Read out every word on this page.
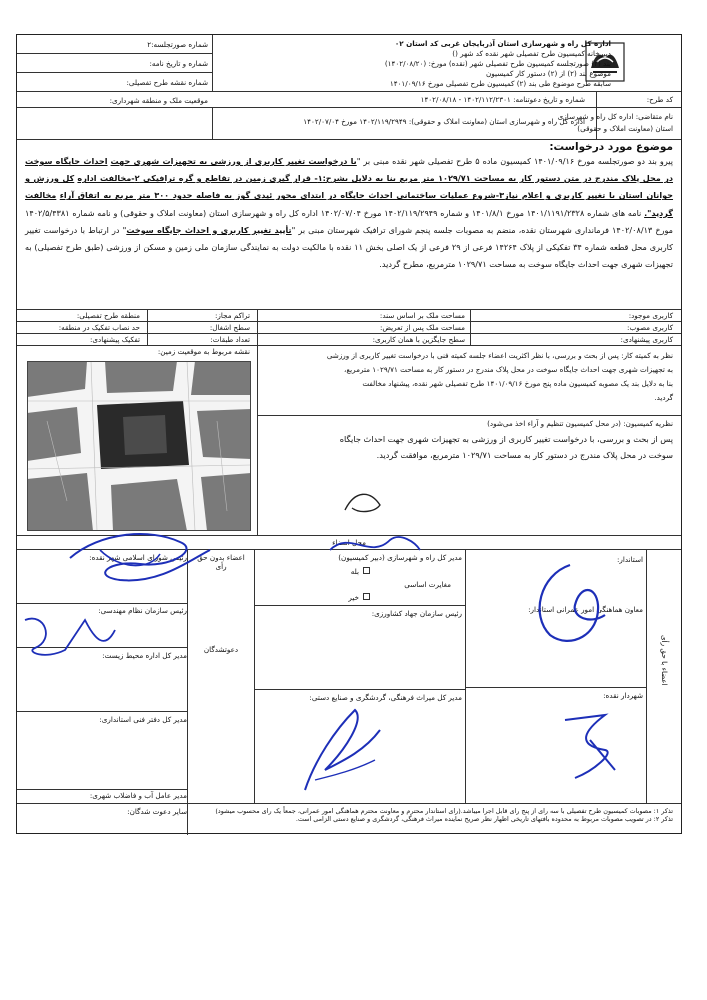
شماره صورتجلسه:۲
شماره و تاریخ نامه:
شماره نقشه طرح تفصیلی:
اداره کل راه و شهرسازی استان آذربایجان غربی کد استان ۰۲
دبیرخانه کمیسیون طرح تفصیلی شهر نقده کد شهر ()
بند (۲) صورتجلسه کمیسیون طرح تفصیلی شهر (نقده) مورخ: (۱۴۰۲/۰۸/۲۰)
موضوع بند (۲) از (۲) دستور کار کمیسیون
سابقه طرح موضوع طی بند (۲) کمیسیون طرح تفصیلی مورخ ۱۴۰۱/۰۹/۱۶
کد طرح:
شماره و تاریخ دعوتنامه: ۱۴۰۲/۱۱۲/۲۳۰۱ - ۱۴۰۲/۰۸/۱۸
موقعیت ملک و منطقه شهرداری:
نام متقاضی: اداره کل راه و شهرسازی
استان (معاونت املاک و حقوقی)
اداره کل راه و شهرسازی استان (معاونت املاک و حقوقی): ۱۴۰۲/۱۱۹/۲۹۴۹ مورخ ۱۴۰۲/۰۷/۰۴
موضوع مورد درخواست:

پیرو بند دو صورتجلسه مورخ ۱۴۰۱/۰۹/۱۶ کمیسیون ماده ۵ طرح تفصیلی شهر نقده مبنی بر "با درخواست تغییر کاربری از ورزشی به تجهیزات شهری جهت احداث جایگاه سوخت در محل پلاک مندرج در متن دستور کار به مساحت ۱۰۲۹/۷۱ متر مربع بنا به دلایل بشرح:۱- قرار گیری زمین در تقاطع و گره ترافیکی ۲-مخالفت اداره کل ورزش و جوانان استان با تغییر کاربری و اعلام نیاز۳-شروع عملیات ساختمانی احداث جایگاه در ابتدای محور ئیدی گوز به فاصله حدود ۳۰۰ متر مربع به اتفاق آراء مخالفت گردید". نامه های شماره ۱۴۰۱/۱۱۹۱/۲۳۲۸ مورخ ۱۴۰۱/۸/۱ و شماره ۱۴۰۲/۱۱۹/۲۹۴۹ مورخ ۱۴۰۲/۰۷/۰۴ اداره کل راه و شهرسازی استان (معاونت املاک و حقوقی) و نامه شماره ۱۴۰۲/۵/۴۳۸۱ مورخ ۱۴۰۲/۰۸/۱۳ فرمانداری شهرستان نقده، منضم به مصوبات جلسه پنجم شورای ترافیک شهرستان مبنی بر "تأیید تغییر کاربری و احداث جایگاه سوخت" در ارتباط با درخواست تغییر کاربری محل قطعه شماره ۳۴ تفکیکی از پلاک ۱۴۲۶۴ فرعی از ۲۹ فرعی از یک اصلی بخش ۱۱ نقده با مالکیت دولت به نمایندگی سازمان ملی زمین و مسکن از ورزشی (طبق طرح تفصیلی) به تجهیزات شهری جهت احداث جایگاه سوخت به مساحت ۱۰۲۹/۷۱ مترمربع، مطرح گردید.

کاربری موجود:
کاربری مصوب:
کاربری پیشنهادی:
مساحت ملک بر اساس سند:
مساحت ملک پس از تعریض:
سطح جایگزین با همان کاربری:
تراکم مجاز:
سطح اشغال:
تعداد طبقات:
منطقه طرح تفصیلی:
حد نصاب تفکیک در منطقه:
تفکیک پیشنهادی:
نقشه مربوط به موقعیت زمین:	نظر به کمیته کار: پس از بحث و بررسی، با نظر اکثریت اعضاء جلسه کمیته فنی با درخواست تغییر کاربری از ورزشی
به تجهیزات شهری جهت احداث جایگاه سوخت در محل پلاک مندرج در دستور کار به مساحت ۱۰۲۹/۷۱ مترمربع،
بنا به دلایل بند یک مصوبه کمیسیون ماده پنج مورخ ۱۴۰۱/۰۹/۱۶ طرح تفصیلی شهر نقده، پیشنهاد مخالفت
گردید.
نظریه کمیسیون: (در محل کمیسیون تنظیم و آراء اخذ می‌شود)
پس از بحث و بررسی، با درخواست تغییر کاربری از ورزشی به تجهیزات شهری جهت احداث جایگاه
سوخت در محل پلاک مندرج در دستور کار به مساحت ۱۰۲۹/۷۱ مترمربع، موافقت گردید.
محل امضاء
استاندار:
معاون هماهنگی امور عمرانی استاندار:
شهردار نقده:
اعضاء با حق رأی
مدیر کل راه و شهرسازی (دبیر کمیسیون)
بله
مغایرت اساسی
خیر
رئیس سازمان جهاد کشاورزی:
مدیر کل میراث فرهنگی، گردشگری و صنایع دستی:
اعضاء بدون حق رأی
دعوتشدگان
رئیس شورای اسلامی شهر نقده:
رئیس سازمان نظام مهندسی:
مدیر کل اداره محیط زیست:
مدیر کل دفتر فنی استانداری:
مدیر عامل آب و فاضلاب شهری:
سایر دعوت شدگان:	تذکر ۱: مصوبات کمیسیون طرح تفصیلی با سه رای از پنج رای قابل اجرا میباشد.(رای استاندار محترم و معاونت محترم هماهنگی امور عمرانی، جمعاً یک رای محسوب میشود)
تذکر ۲: در تصویب مصوبات مربوط به محدوده بافتهای تاریخی اظهار نظر صریح نماینده میراث فرهنگی، گردشگری و صنایع دستی الزامی است.
